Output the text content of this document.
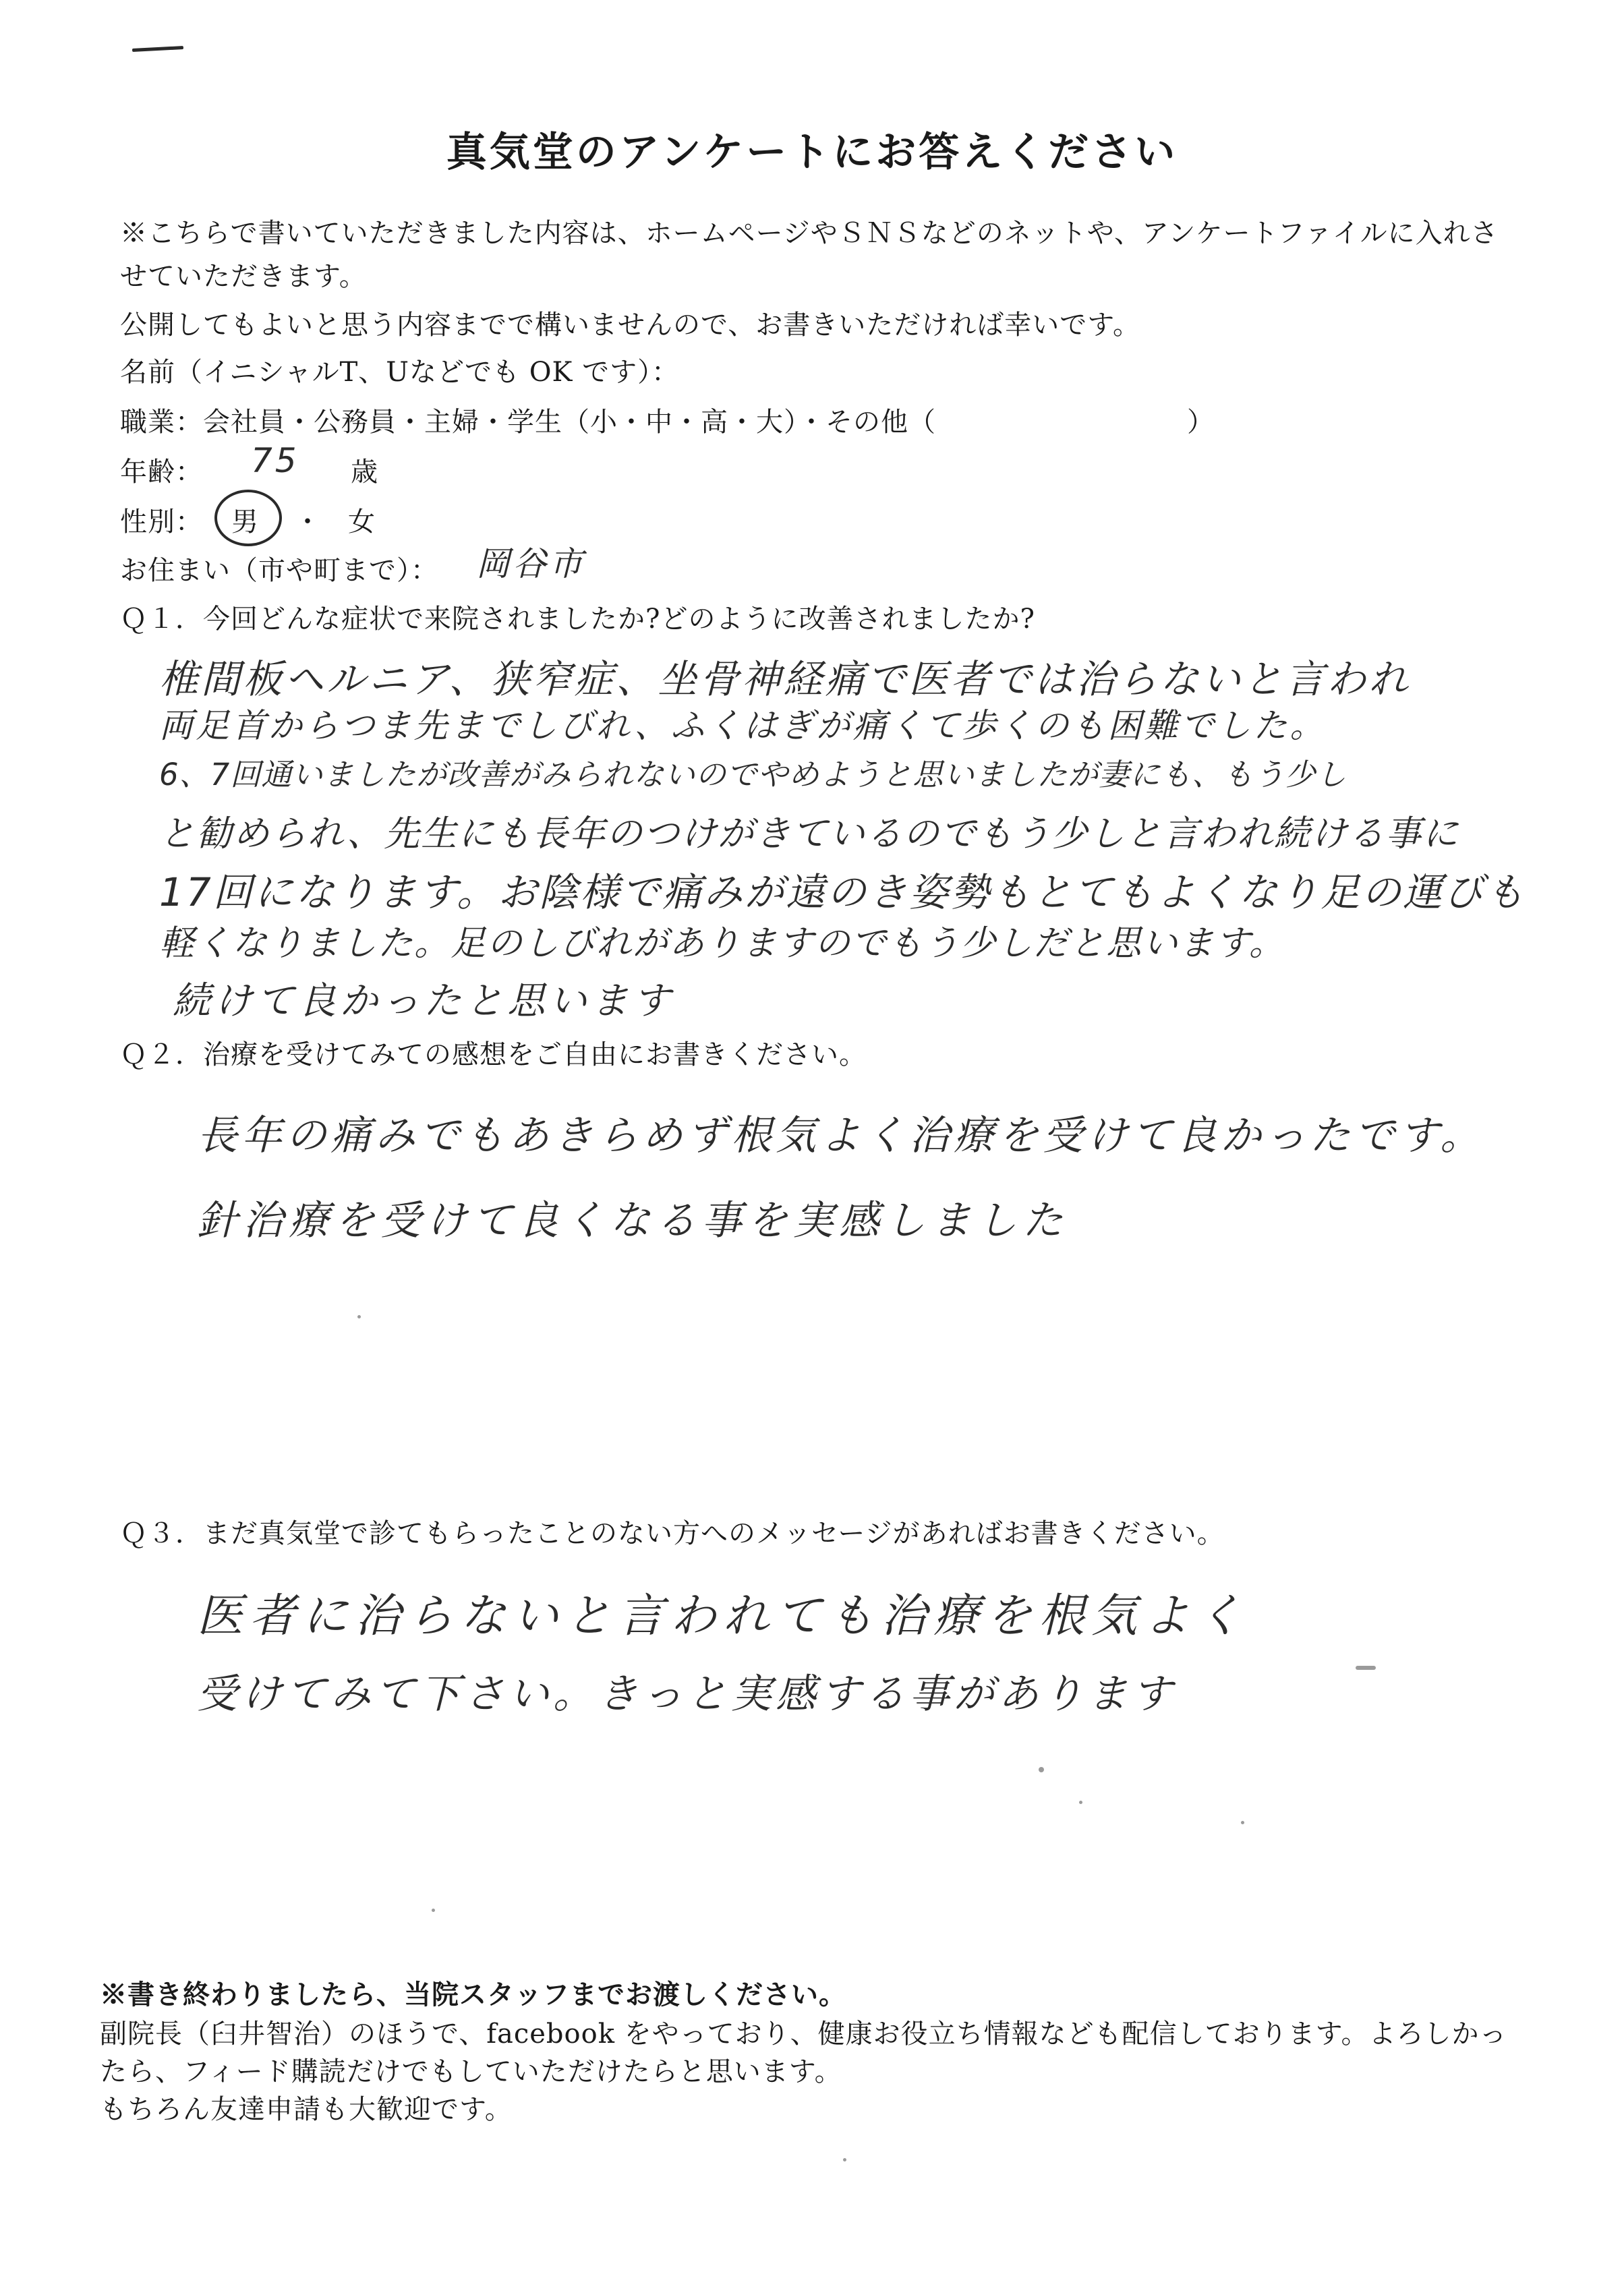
真気堂のアンケートにお答えください
※こちらで書いていただきました内容は、ホームページやＳＮＳなどのネットや、アンケートファイルに入れさ
せていただきます。
公開してもよいと思う内容までで構いませんので、お書きいただければ幸いです。
名前（イニシャルT、Uなどでも OK です）：
職業：会社員・公務員・主婦・学生（小・中・高・大）・その他（	）
年齢： 75 歳
性別： 男 ・ 女
お住まい（市や町まで）： 岡谷市
Ｑ１．今回どんな症状で来院されましたか?どのように改善されましたか?
椎間板ヘルニア、狭窄症、坐骨神経痛で医者では治らないと言われ
両足首からつま先までしびれ、ふくはぎが痛くて歩くのも困難でした。
6、7回通いましたが改善がみられないのでやめようと思いましたが妻にも、もう少し
と勧められ、先生にも長年のつけがきているのでもう少しと言われ続ける事に
17回になります。お陰様で痛みが遠のき姿勢もとてもよくなり足の運びも
軽くなりました。足のしびれがありますのでもう少しだと思います。
続けて良かったと思います
Ｑ２．治療を受けてみての感想をご自由にお書きください。
長年の痛みでもあきらめず根気よく治療を受けて良かったです。
針治療を受けて良くなる事を実感しました
Ｑ３．まだ真気堂で診てもらったことのない方へのメッセージがあればお書きください。
医者に治らないと言われても治療を根気よく
受けてみて下さい。きっと実感する事があります
※書き終わりましたら、当院スタッフまでお渡しください。
副院長（臼井智治）のほうで、facebook をやっており、健康お役立ち情報なども配信しております。よろしかっ
たら、フィード購読だけでもしていただけたらと思います。
もちろん友達申請も大歓迎です。
